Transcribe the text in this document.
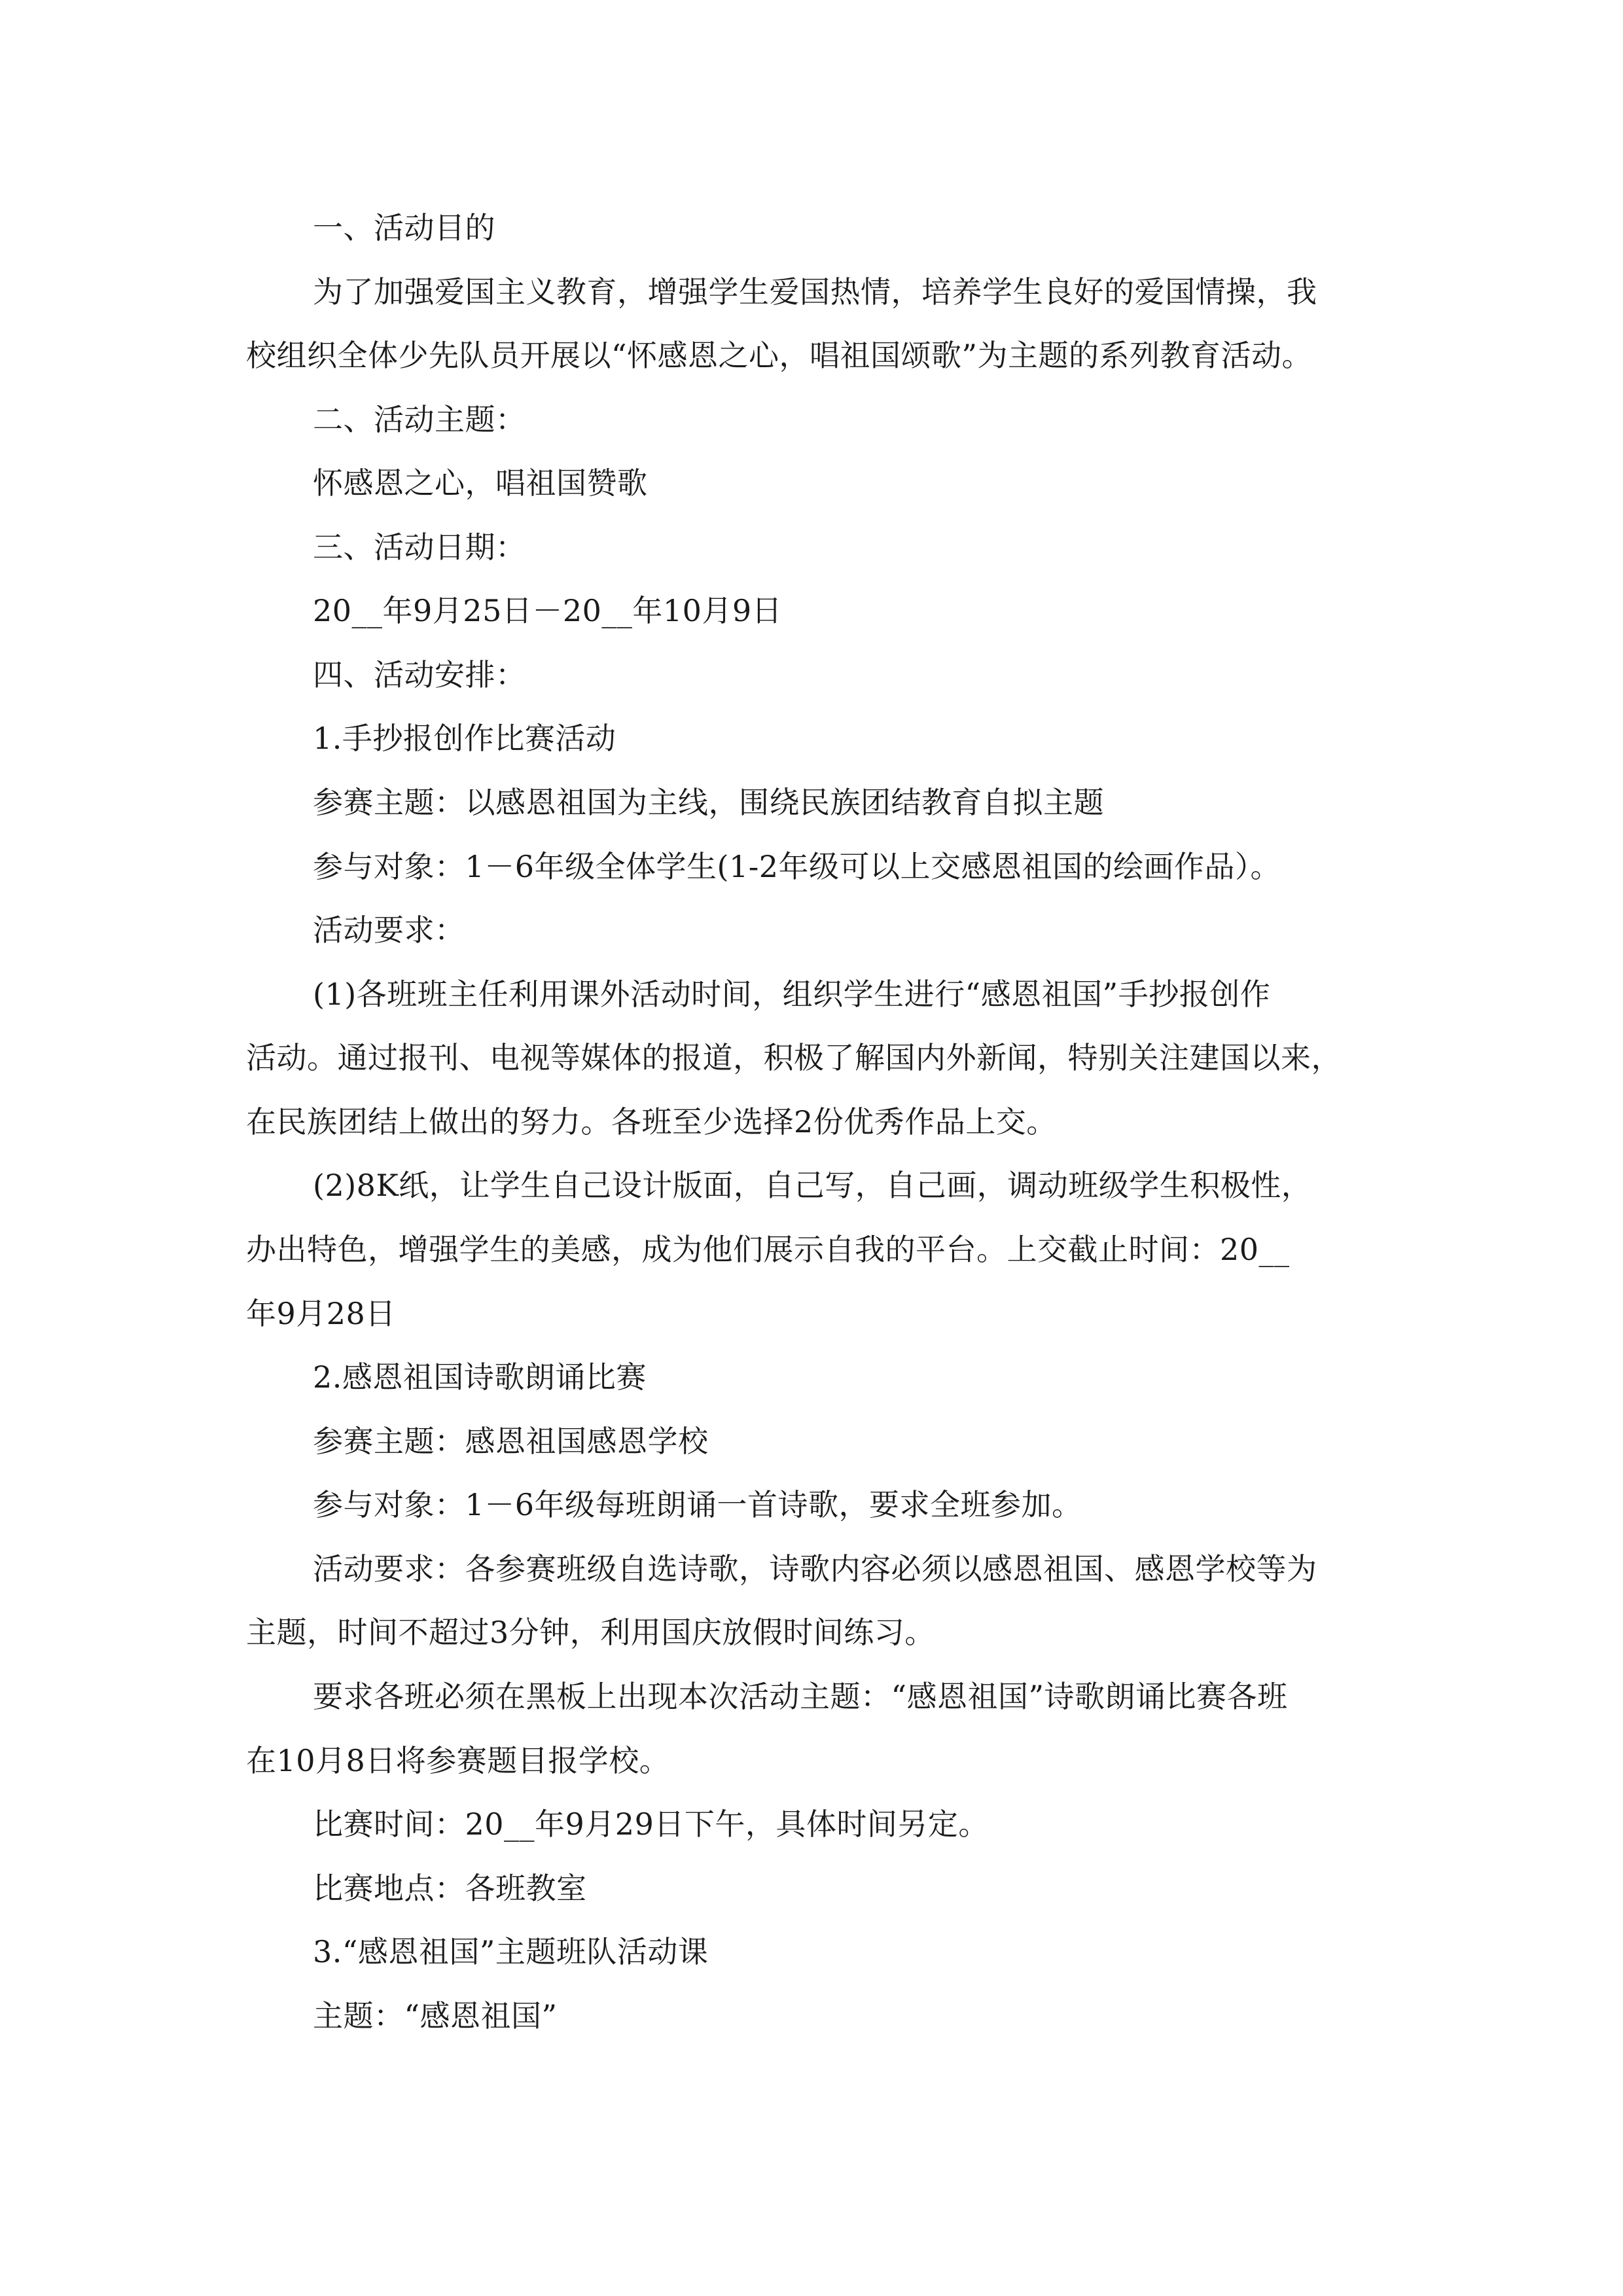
一、活动目的
为了加强爱国主义教育，增强学生爱国热情，培养学生良好的爱国情操，我
校组织全体少先队员开展以“怀感恩之心，唱祖国颂歌”为主题的系列教育活动。
二、活动主题：
怀感恩之心，唱祖国赞歌
三、活动日期：
20__年9月25日－20__年10月9日
四、活动安排：
1.手抄报创作比赛活动
参赛主题：以感恩祖国为主线，围绕民族团结教育自拟主题
参与对象：1－6年级全体学生(1-2年级可以上交感恩祖国的绘画作品）。
活动要求：
(1)各班班主任利用课外活动时间，组织学生进行“感恩祖国”手抄报创作
活动。通过报刊、电视等媒体的报道，积极了解国内外新闻，特别关注建国以来，
在民族团结上做出的努力。各班至少选择2份优秀作品上交。
(2)8K纸，让学生自己设计版面，自己写，自己画，调动班级学生积极性，
办出特色，增强学生的美感，成为他们展示自我的平台。上交截止时间：20__
年9月28日
2.感恩祖国诗歌朗诵比赛
参赛主题：感恩祖国感恩学校
参与对象：1－6年级每班朗诵一首诗歌，要求全班参加。
活动要求：各参赛班级自选诗歌，诗歌内容必须以感恩祖国、感恩学校等为
主题，时间不超过3分钟，利用国庆放假时间练习。
要求各班必须在黑板上出现本次活动主题：“感恩祖国”诗歌朗诵比赛各班
在10月8日将参赛题目报学校。
比赛时间：20__年9月29日下午，具体时间另定。
比赛地点：各班教室
3.“感恩祖国”主题班队活动课
主题：“感恩祖国”
